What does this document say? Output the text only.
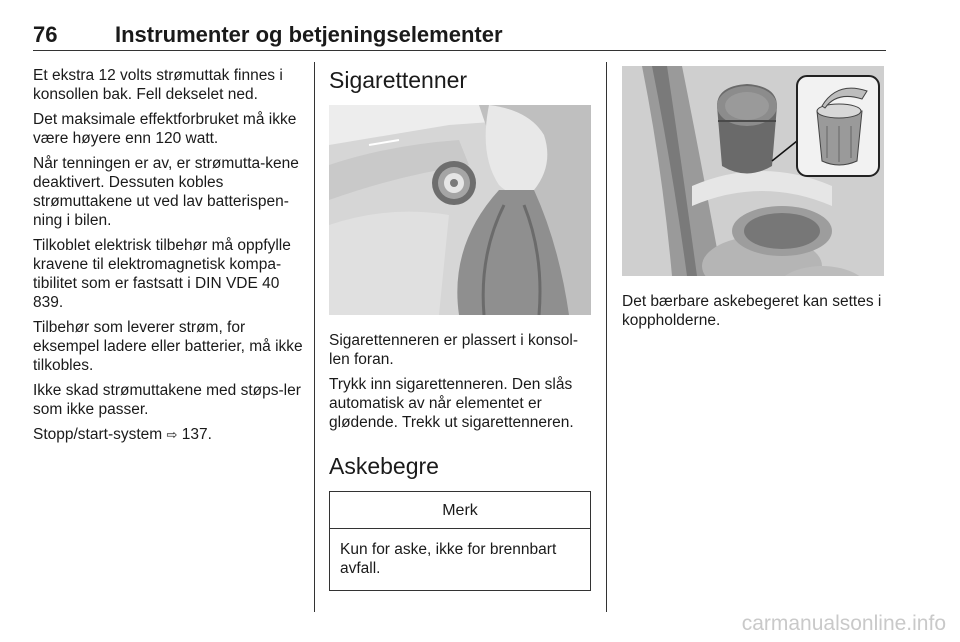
76	Instrumenter og betjeningselementer

Et ekstra 12 volts strømuttak finnes i konsollen bak. Fell dekselet ned.

Det maksimale effektforbruket må ikke være høyere enn 120 watt.

Når tenningen er av, er strømutta-kene deaktivert. Dessuten kobles strømuttakene ut ved lav batterispen-ning i bilen.

Tilkoblet elektrisk tilbehør må oppfylle kravene til elektromagnetisk kompa-tibilitet som er fastsatt i DIN VDE 40 839.

Tilbehør som leverer strøm, for eksempel ladere eller batterier, må ikke tilkobles.

Ikke skad strømuttakene med støps-ler som ikke passer.

Stopp/start-system ⇨ 137.

Sigarettenner

Sigarettenneren er plassert i konsol-len foran.

Trykk inn sigarettenneren. Den slås automatisk av når elementet er glødende. Trekk ut sigarettenneren.

Askebegre
Merk
Kun for aske, ikke for brennbart avfall.

Det bærbare askebegeret kan settes i koppholderne.

carmanualsonline.info
